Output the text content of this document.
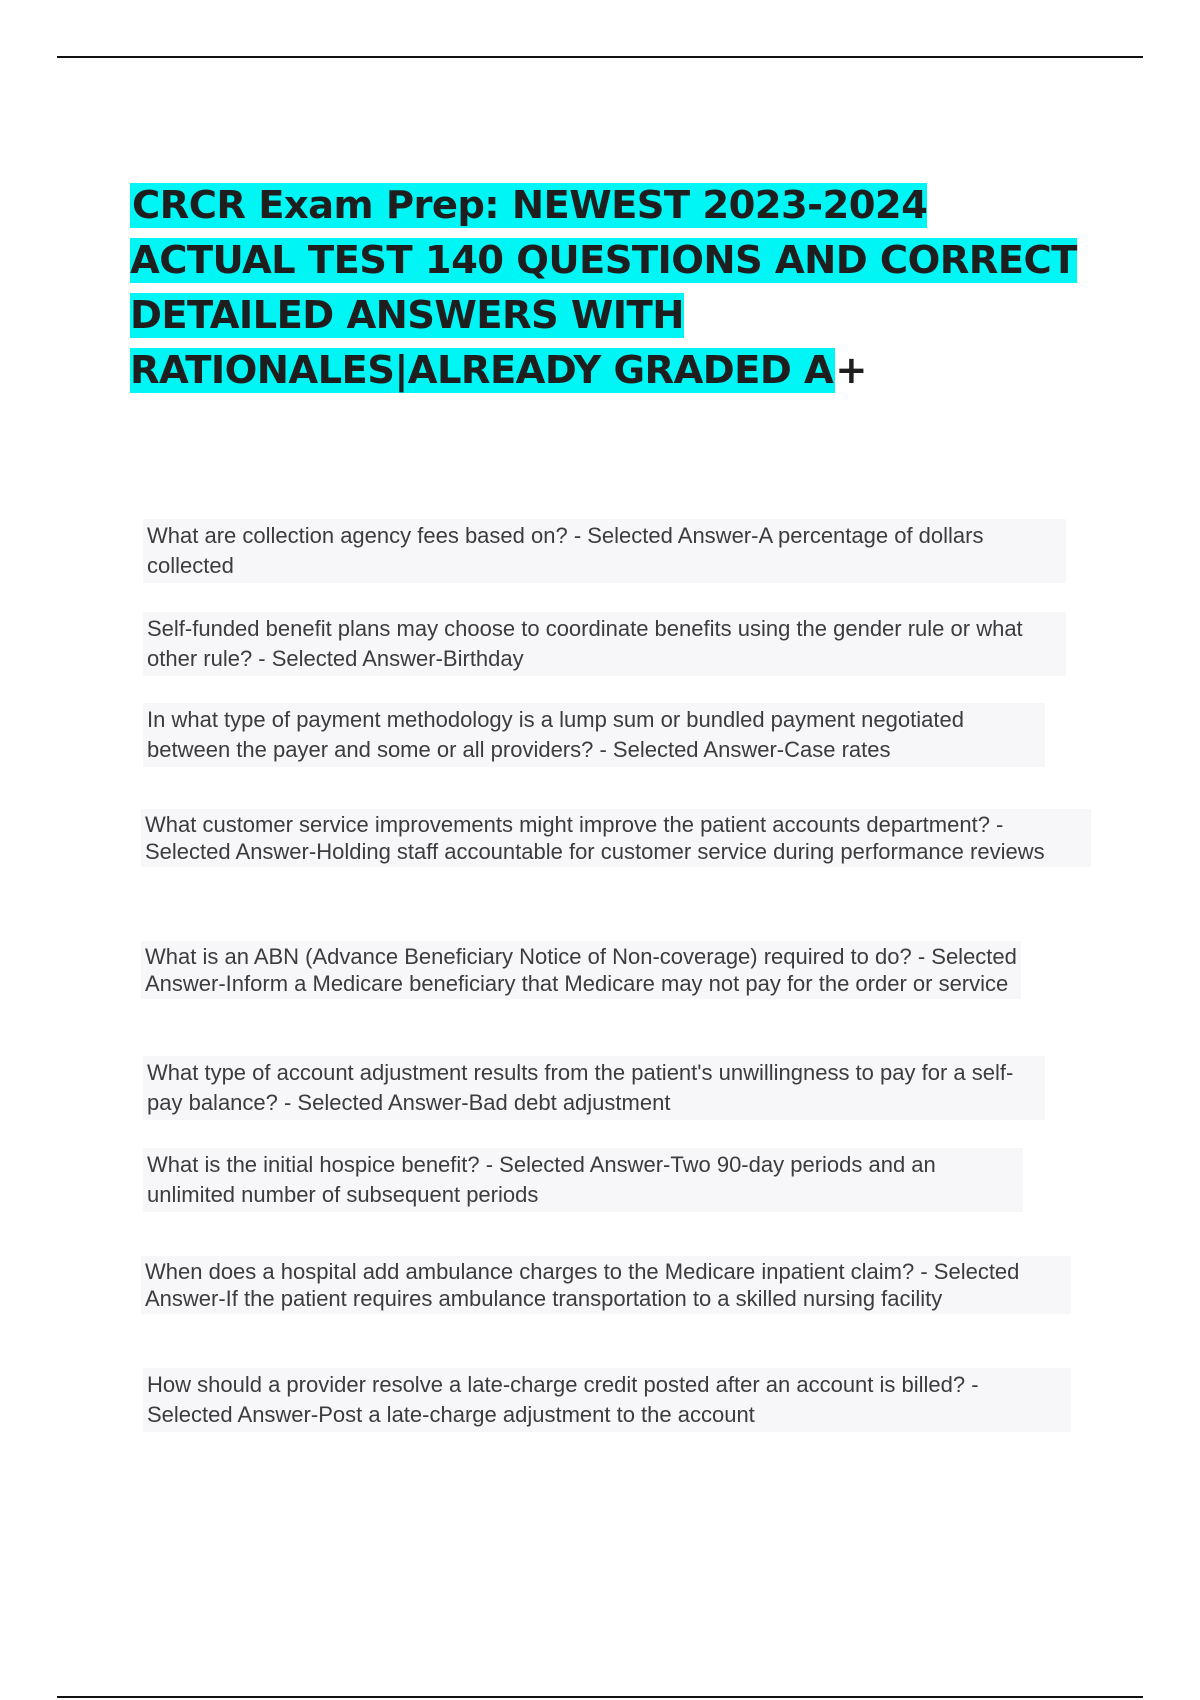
CRCR Exam Prep: NEWEST 2023-2024 ACTUAL TEST 140 QUESTIONS AND CORRECT DETAILED ANSWERS WITH RATIONALES|ALREADY GRADED A+
What are collection agency fees based on? - Selected Answer-A percentage of dollars collected
Self-funded benefit plans may choose to coordinate benefits using the gender rule or what other rule? - Selected Answer-Birthday
In what type of payment methodology is a lump sum or bundled payment negotiated between the payer and some or all providers? - Selected Answer-Case rates
What customer service improvements might improve the patient accounts department? - Selected Answer-Holding staff accountable for customer service during performance reviews
What is an ABN (Advance Beneficiary Notice of Non-coverage) required to do? - Selected Answer-Inform a Medicare beneficiary that Medicare may not pay for the order or service
What type of account adjustment results from the patient's unwillingness to pay for a self-pay balance? - Selected Answer-Bad debt adjustment
What is the initial hospice benefit? - Selected Answer-Two 90-day periods and an unlimited number of subsequent periods
When does a hospital add ambulance charges to the Medicare inpatient claim? - Selected Answer-If the patient requires ambulance transportation to a skilled nursing facility
How should a provider resolve a late-charge credit posted after an account is billed? - Selected Answer-Post a late-charge adjustment to the account
